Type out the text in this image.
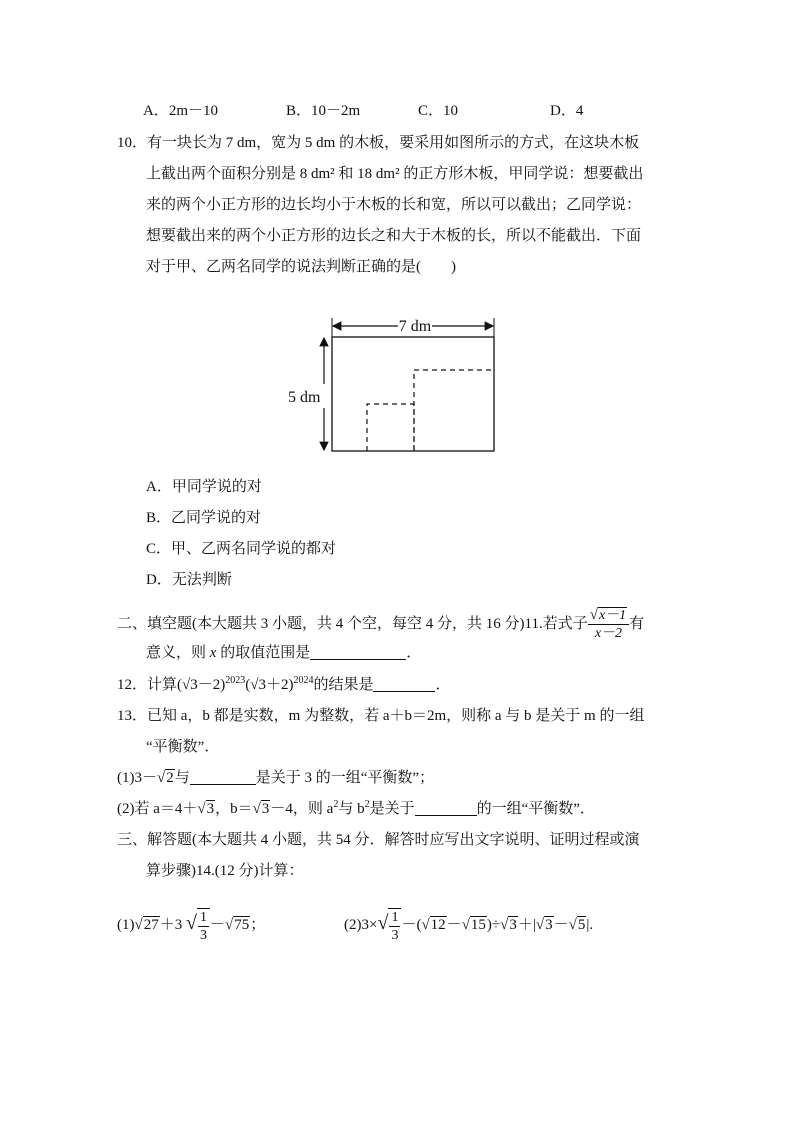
A．2m－10	B．10－2m	C．10	D．4
10．有一块长为 7 dm，宽为 5 dm 的木板，要采用如图所示的方式，在这块木板
上截出两个面积分别是 8 dm² 和 18 dm² 的正方形木板，甲同学说：想要截出
来的两个小正方形的边长均小于木板的长和宽，所以可以截出；乙同学说：
想要截出来的两个小正方形的边长之和大于木板的长，所以不能截出．下面
对于甲、乙两名同学的说法判断正确的是(　　)
7 dm
5 dm
A．甲同学说的对
B．乙同学说的对
C．甲、乙两名同学说的都对
D．无法判断
二、填空题(本大题共 3 小题，共 4 个空，每空 4 分，共 16 分)11.若式子 $\frac{√x-1}{x-2}$ 有
意义，则 x 的取值范围是	．
12．计算$(√3-2)^{2023}(√3+2)^{2024}$的结果是	．
13．已知 a，b 都是实数，m 为整数，若 a＋b＝2m，则称 a 与 b 是关于 m 的一组
“平衡数”．
(1)3－√2与	是关于 3 的一组“平衡数”；
(2)若 a＝4＋√3，b＝√3－4，则 $a^2$与 $b^2$是关于	的一组“平衡数”．
三、解答题(本大题共 4 小题，共 54 分．解答时应写出文字说明、证明过程或演
算步骤)14.(12 分)计算：
(1)√27＋3 √ $\frac{1}{3} -√75$；	$(2)3\times√ \frac{1}{3} -(√12-√15)\div√3+|√3-√5|$.
